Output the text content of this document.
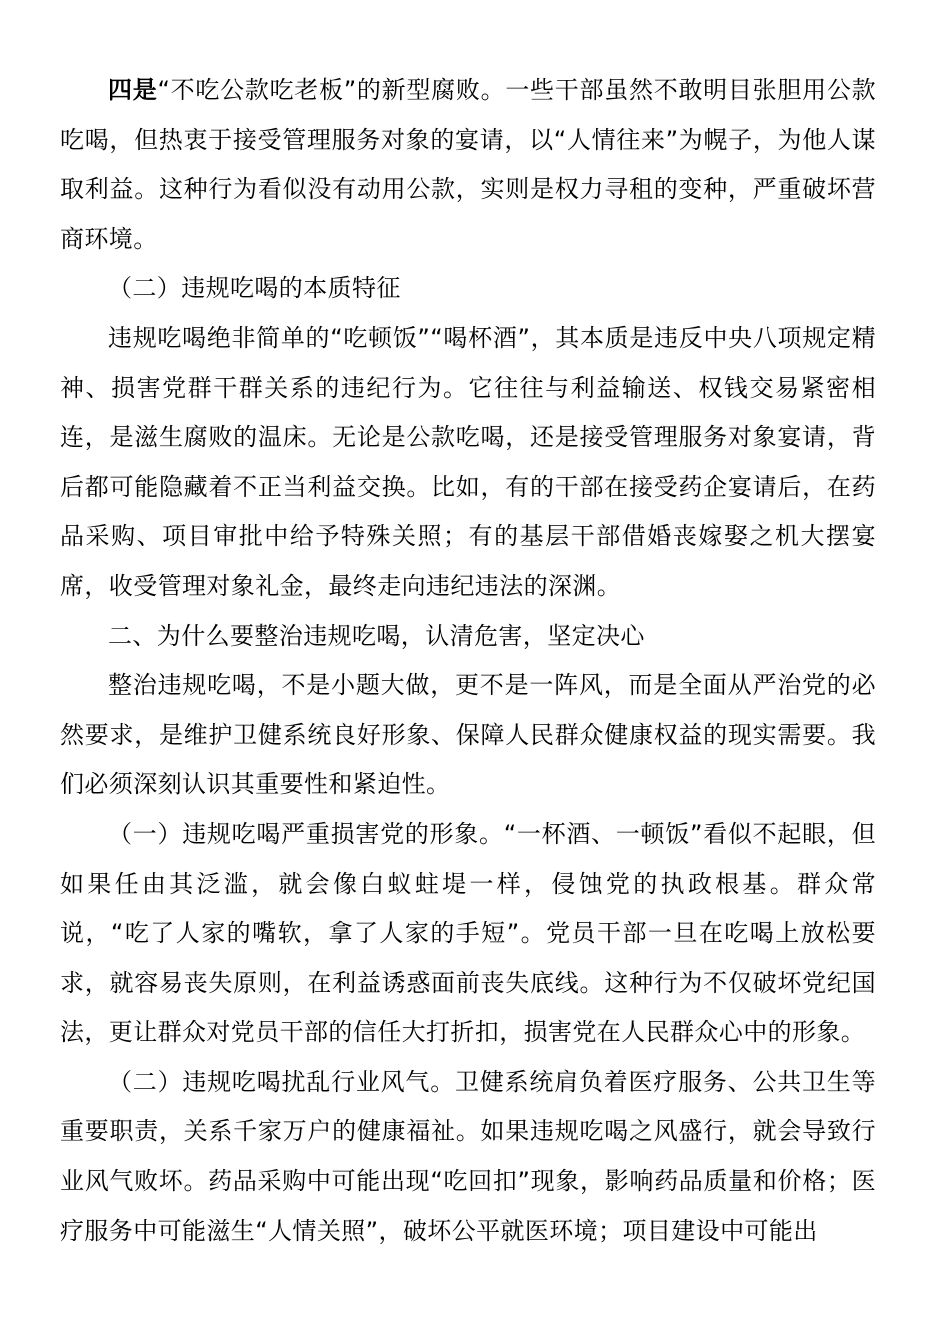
四是“不吃公款吃老板”的新型腐败。一些干部虽然不敢明目张胆用公款吃喝，但热衷于接受管理服务对象的宴请，以“人情往来”为幌子，为他人谋取利益。这种行为看似没有动用公款，实则是权力寻租的变种，严重破坏营商环境。

（二）违规吃喝的本质特征

违规吃喝绝非简单的“吃顿饭”“喝杯酒”，其本质是违反中央八项规定精神、损害党群干群关系的违纪行为。它往往与利益输送、权钱交易紧密相连，是滋生腐败的温床。无论是公款吃喝，还是接受管理服务对象宴请，背后都可能隐藏着不正当利益交换。比如，有的干部在接受药企宴请后，在药品采购、项目审批中给予特殊关照；有的基层干部借婚丧嫁娶之机大摆宴席，收受管理对象礼金，最终走向违纪违法的深渊。

二、为什么要整治违规吃喝，认清危害，坚定决心

整治违规吃喝，不是小题大做，更不是一阵风，而是全面从严治党的必然要求，是维护卫健系统良好形象、保障人民群众健康权益的现实需要。我们必须深刻认识其重要性和紧迫性。

（一）违规吃喝严重损害党的形象。“一杯酒、一顿饭”看似不起眼，但如果任由其泛滥，就会像白蚁蛀堤一样，侵蚀党的执政根基。群众常说，“吃了人家的嘴软，拿了人家的手短”。党员干部一旦在吃喝上放松要求，就容易丧失原则，在利益诱惑面前丧失底线。这种行为不仅破坏党纪国法，更让群众对党员干部的信任大打折扣，损害党在人民群众心中的形象。

（二）违规吃喝扰乱行业风气。卫健系统肩负着医疗服务、公共卫生等重要职责，关系千家万户的健康福祉。如果违规吃喝之风盛行，就会导致行业风气败坏。药品采购中可能出现“吃回扣”现象，影响药品质量和价格；医疗服务中可能滋生“人情关照”，破坏公平就医环境；项目建设中可能出
